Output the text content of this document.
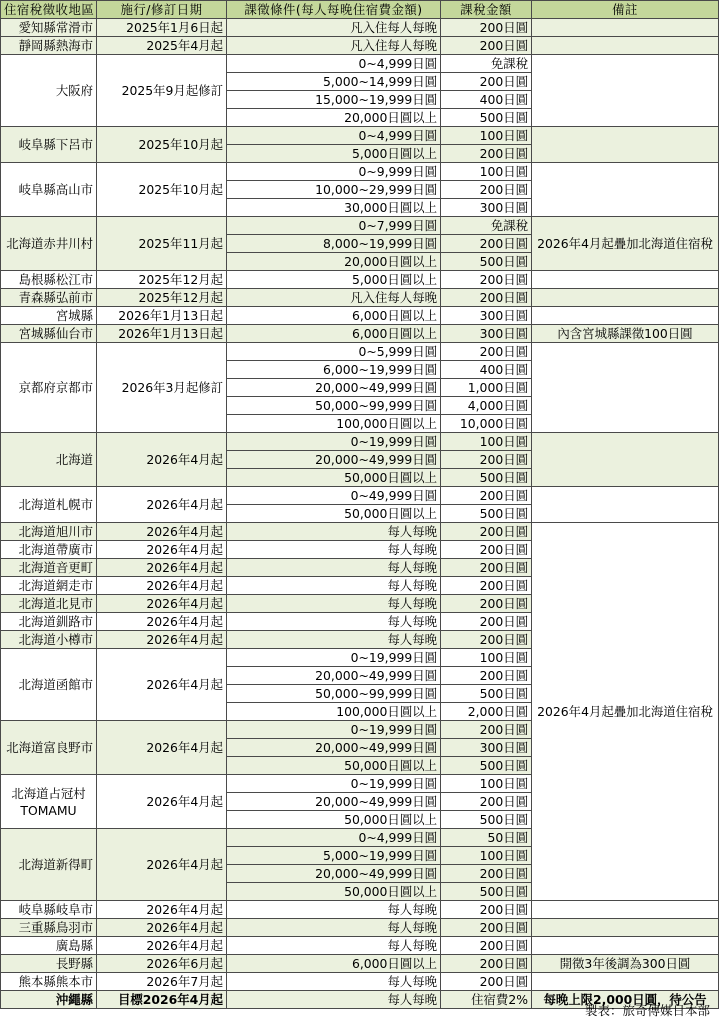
住宿稅徵收地區	施行/修訂日期	課徵條件(每人每晚住宿費金額)	課稅金額	備註
愛知縣常滑市	2025年1月6日起	凡入住每人每晚	200日圓	
靜岡縣熱海市	2025年4月起	凡入住每人每晚	200日圓	
大阪府	2025年9月起修訂	0~4,999日圓	免課稅	
		5,000~14,999日圓	200日圓	
		15,000~19,999日圓	400日圓	
		20,000日圓以上	500日圓	
岐阜縣下呂市	2025年10月起	0~4,999日圓	100日圓	
		5,000日圓以上	200日圓	
岐阜縣高山市	2025年10月起	0~9,999日圓	100日圓	
		10,000~29,999日圓	200日圓	
		30,000日圓以上	300日圓	
北海道赤井川村	2025年11月起	0~7,999日圓	免課稅	2026年4月起疊加北海道住宿稅
		8,000~19,999日圓	200日圓	
		20,000日圓以上	500日圓	
島根縣松江市	2025年12月起	5,000日圓以上	200日圓	
青森縣弘前市	2025年12月起	凡入住每人每晚	200日圓	
宮城縣	2026年1月13日起	6,000日圓以上	300日圓	
宮城縣仙台市	2026年1月13日起	6,000日圓以上	300日圓	內含宮城縣課徵100日圓
京都府京都市	2026年3月起修訂	0~5,999日圓	200日圓	
		6,000~19,999日圓	400日圓	
		20,000~49,999日圓	1,000日圓	
		50,000~99,999日圓	4,000日圓	
		100,000日圓以上	10,000日圓	
北海道	2026年4月起	0~19,999日圓	100日圓	
		20,000~49,999日圓	200日圓	
		50,000日圓以上	500日圓	
北海道札幌市	2026年4月起	0~49,999日圓	200日圓	
		50,000日圓以上	500日圓	
北海道旭川市	2026年4月起	每人每晚	200日圓	2026年4月起疊加北海道住宿稅
北海道帶廣市	2026年4月起	每人每晚	200日圓	
北海道音更町	2026年4月起	每人每晚	200日圓	
北海道網走市	2026年4月起	每人每晚	200日圓	
北海道北見市	2026年4月起	每人每晚	200日圓	
北海道釧路市	2026年4月起	每人每晚	200日圓	
北海道小樽市	2026年4月起	每人每晚	200日圓	
北海道函館市	2026年4月起	0~19,999日圓	100日圓	
		20,000~49,999日圓	200日圓	
		50,000~99,999日圓	500日圓	
		100,000日圓以上	2,000日圓	
北海道富良野市	2026年4月起	0~19,999日圓	200日圓	
		20,000~49,999日圓	300日圓	
		50,000日圓以上	500日圓	
北海道占冠村 TOMAMU	2026年4月起	0~19,999日圓	100日圓	
		20,000~49,999日圓	200日圓	
		50,000日圓以上	500日圓	
北海道新得町	2026年4月起	0~4,999日圓	50日圓	
		5,000~19,999日圓	100日圓	
		20,000~49,999日圓	200日圓	
		50,000日圓以上	500日圓	
岐阜縣岐阜市	2026年4月起	每人每晚	200日圓	
三重縣鳥羽市	2026年4月起	每人每晚	200日圓	
廣島縣	2026年4月起	每人每晚	200日圓	
長野縣	2026年6月起	6,000日圓以上	200日圓	開徵3年後調為300日圓
熊本縣熊本市	2026年7月起	每人每晚	200日圓	
沖繩縣	目標2026年4月起	每人每晚	住宿費2%	每晚上限2,000日圓，待公告
製表：旅奇傳媒日本部
